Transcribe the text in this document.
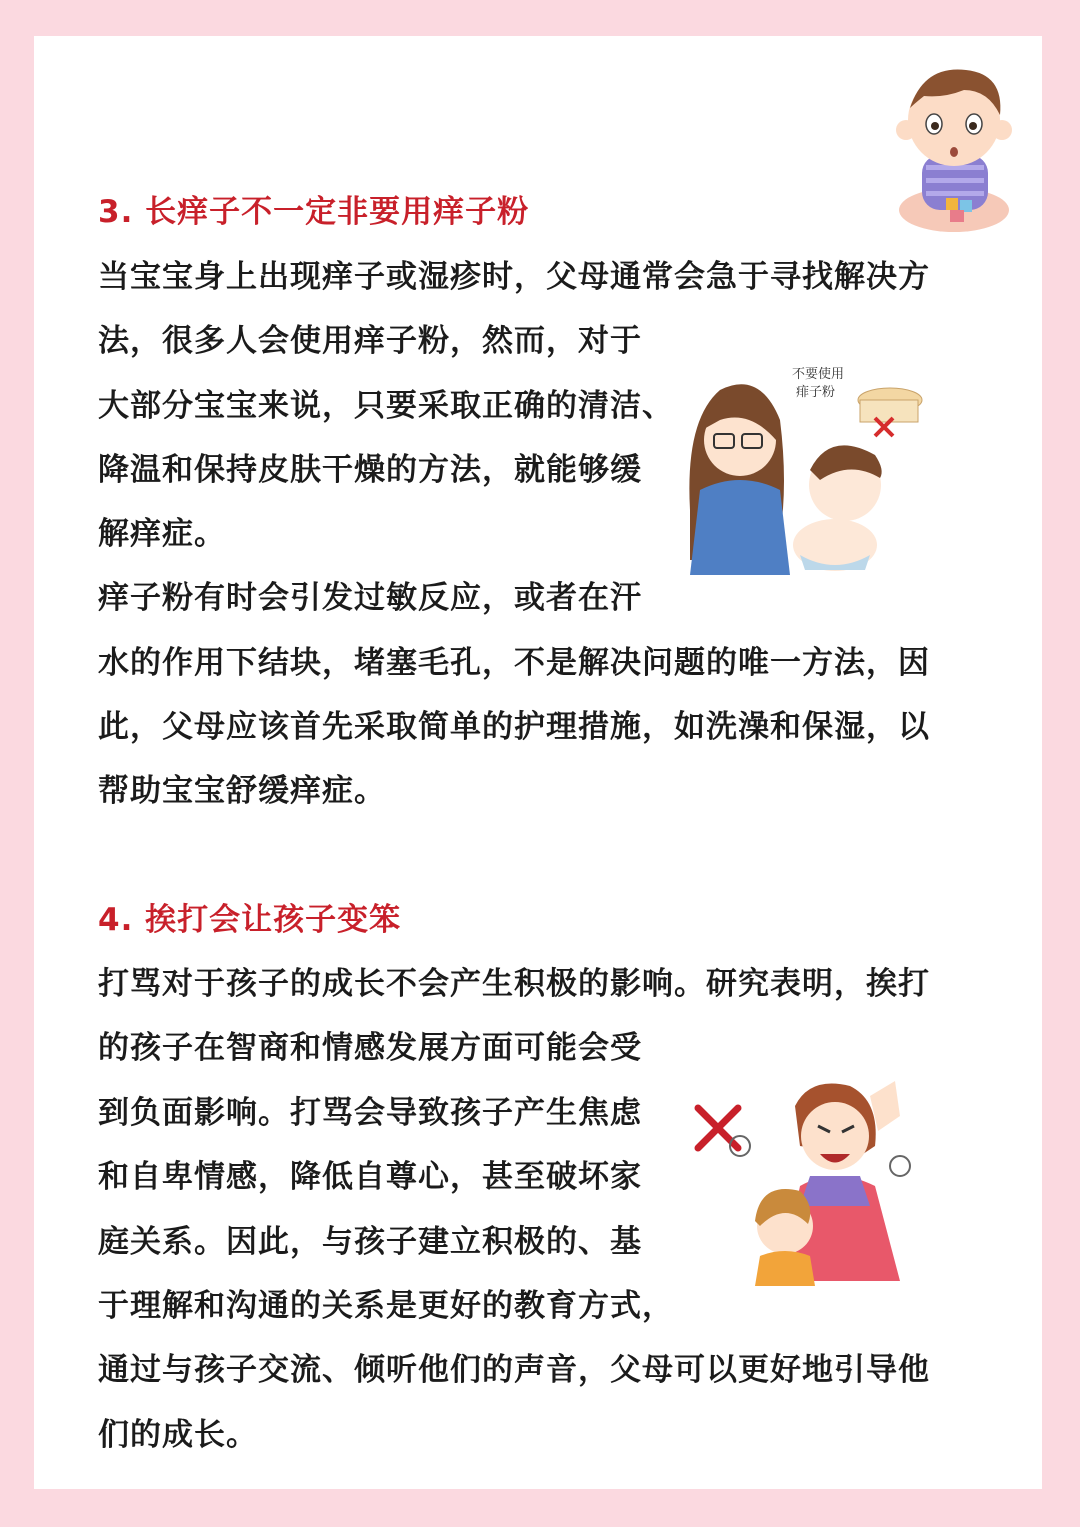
3. 长痒子不一定非要用痒子粉

当宝宝身上出现痒子或湿疹时，父母通常会急于寻找解决方

法，很多人会使用痒子粉，然而，对于

大部分宝宝来说，只要采取正确的清洁、

降温和保持皮肤干燥的方法，就能够缓

解痒症。

痒子粉有时会引发过敏反应，或者在汗

水的作用下结块，堵塞毛孔，不是解决问题的唯一方法，因

此，父母应该首先采取简单的护理措施，如洗澡和保湿，以

帮助宝宝舒缓痒症。

不要使用
痱子粉
4. 挨打会让孩子变笨

打骂对于孩子的成长不会产生积极的影响。研究表明，挨打

的孩子在智商和情感发展方面可能会受

到负面影响。打骂会导致孩子产生焦虑

和自卑情感，降低自尊心，甚至破坏家

庭关系。因此，与孩子建立积极的、基

于理解和沟通的关系是更好的教育方式，

通过与孩子交流、倾听他们的声音，父母可以更好地引导他

们的成长。
